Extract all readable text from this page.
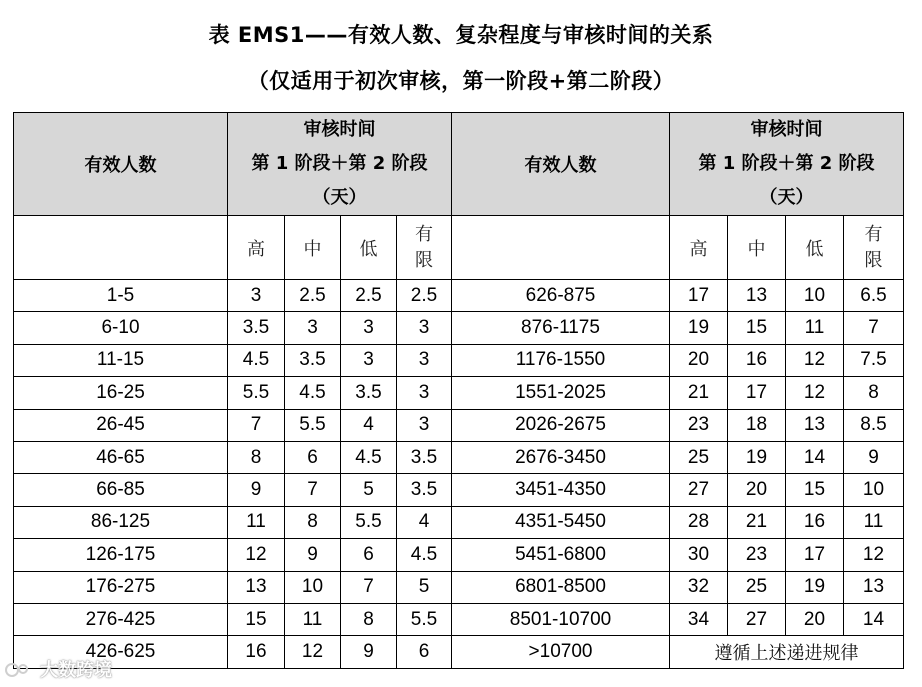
表 EMS1——有效人数、复杂程度与审核时间的关系
（仅适用于初次审核，第一阶段+第二阶段）
有效人数	审核时间
第 1 阶段＋第 2 阶段
（天）				有效人数	审核时间
第 1 阶段＋第 2 阶段
（天）			

	高	中	低	有限		高	中	低	有限

1-5	3	2.5	2.5	2.5	626-875	17	13	10	6.5
6-10	3.5	3	3	3	876-1175	19	15	11	7
11-15	4.5	3.5	3	3	1176-1550	20	16	12	7.5
16-25	5.5	4.5	3.5	3	1551-2025	21	17	12	8
26-45	7	5.5	4	3	2026-2675	23	18	13	8.5
46-65	8	6	4.5	3.5	2676-3450	25	19	14	9
66-85	9	7	5	3.5	3451-4350	27	20	15	10
86-125	11	8	5.5	4	4351-5450	28	21	16	11
126-175	12	9	6	4.5	5451-6800	30	23	17	12
176-275	13	10	7	5	6801-8500	32	25	19	13
276-425	15	11	8	5.5	8501-10700	34	27	20	14
426-625	16	12	9	6	>10700	遵循上述递进规律			
大数跨境
